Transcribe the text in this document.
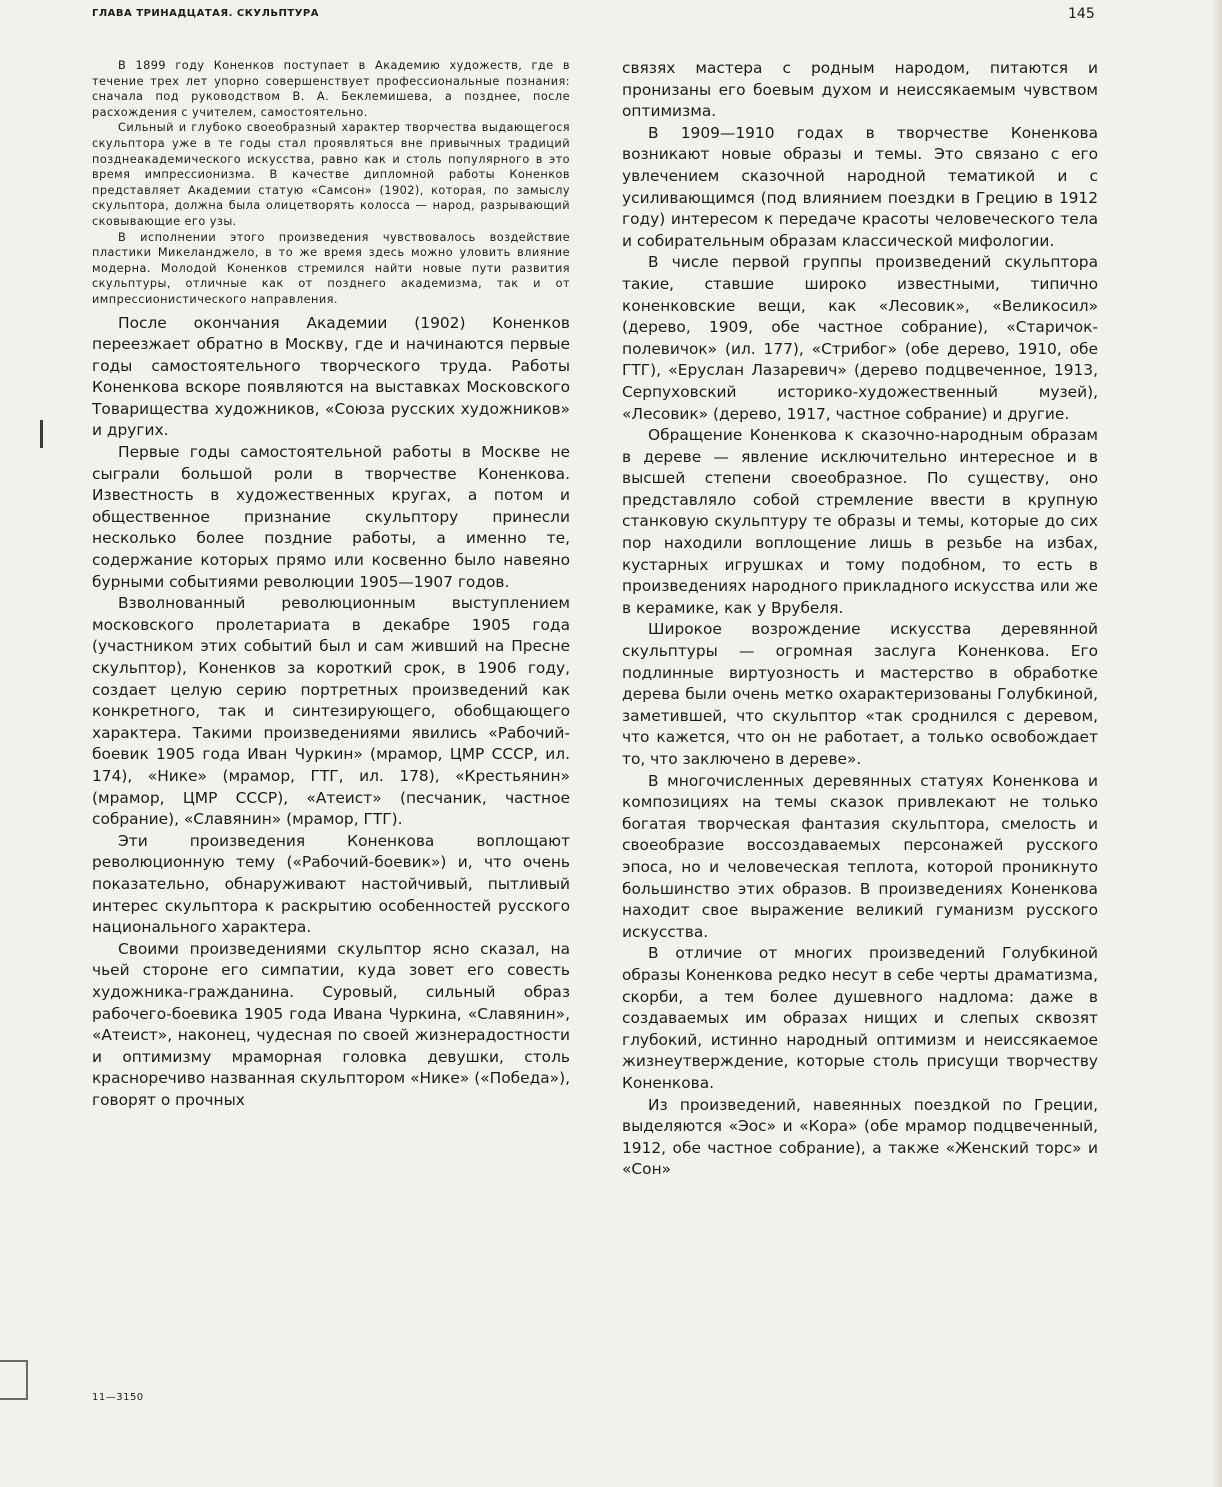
ГЛАВА ТРИНАДЦАТАЯ. СКУЛЬПТУРА	145

В 1899 году Коненков поступает в Академию художеств, где в течение трех лет упорно совершенствует профессиональные познания: сначала под руководством В. А. Беклемишева, а позднее, после расхождения с учителем, самостоятельно.

Сильный и глубоко своеобразный характер творчества выдающегося скульптора уже в те годы стал проявляться вне привычных традиций позднеакадемического искусства, равно как и столь популярного в это время импрессионизма. В качестве дипломной работы Коненков представляет Академии статую «Самсон» (1902), которая, по замыслу скульптора, должна была олицетворять колосса — народ, разрывающий сковывающие его узы.

В исполнении этого произведения чувствовалось воздействие пластики Микеланджело, в то же время здесь можно уловить влияние модерна. Молодой Коненков стремился найти новые пути развития скульптуры, отличные как от позднего академизма, так и от импрессионистического направления.

После окончания Академии (1902) Коненков переезжает обратно в Москву, где и начинаются первые годы самостоятельного творческого труда. Работы Коненкова вскоре появляются на выставках Московского Товарищества художников, «Союза русских художников» и других.

Первые годы самостоятельной работы в Москве не сыграли большой роли в творчестве Коненкова. Известность в художественных кругах, а потом и общественное признание скульптору принесли несколько более поздние работы, а именно те, содержание которых прямо или косвенно было навеяно бурными событиями революции 1905—1907 годов.

Взволнованный революционным выступлением московского пролетариата в декабре 1905 года (участником этих событий был и сам живший на Пресне скульптор), Коненков за короткий срок, в 1906 году, создает целую серию портретных произведений как конкретного, так и синтезирующего, обобщающего характера. Такими произведениями явились «Рабочий-боевик 1905 года Иван Чуркин» (мрамор, ЦМР СССР, ил. 174), «Нике» (мрамор, ГТГ, ил. 178), «Крестьянин» (мрамор, ЦМР СССР), «Атеист» (песчаник, частное собрание), «Славянин» (мрамор, ГТГ).

Эти произведения Коненкова воплощают революционную тему («Рабочий-боевик») и, что очень показательно, обнаруживают настойчивый, пытливый интерес скульптора к раскрытию особенностей русского национального характера.

Своими произведениями скульптор ясно сказал, на чьей стороне его симпатии, куда зовет его совесть художника-гражданина. Суровый, сильный образ рабочего-боевика 1905 года Ивана Чуркина, «Славянин», «Атеист», наконец, чудесная по своей жизнерадостности и оптимизму мраморная головка девушки, столь красноречиво названная скульптором «Нике» («Победа»), говорят о прочных

связях мастера с родным народом, питаются и пронизаны его боевым духом и неиссякаемым чувством оптимизма.

В 1909—1910 годах в творчестве Коненкова возникают новые образы и темы. Это связано с его увлечением сказочной народной тематикой и с усиливающимся (под влиянием поездки в Грецию в 1912 году) интересом к передаче красоты человеческого тела и собирательным образам классической мифологии.

В числе первой группы произведений скульптора такие, ставшие широко известными, типично коненковские вещи, как «Лесовик», «Великосил» (дерево, 1909, обе частное собрание), «Старичок-полевичок» (ил. 177), «Стрибог» (обе дерево, 1910, обе ГТГ), «Еруслан Лазаревич» (дерево подцвеченное, 1913, Серпуховский историко-художественный музей), «Лесовик» (дерево, 1917, частное собрание) и другие.

Обращение Коненкова к сказочно-народным образам в дереве — явление исключительно интересное и в высшей степени своеобразное. По существу, оно представляло собой стремление ввести в крупную станковую скульптуру те образы и темы, которые до сих пор находили воплощение лишь в резьбе на избах, кустарных игрушках и тому подобном, то есть в произведениях народного прикладного искусства или же в керамике, как у Врубеля.

Широкое возрождение искусства деревянной скульптуры — огромная заслуга Коненкова. Его подлинные виртуозность и мастерство в обработке дерева были очень метко охарактеризованы Голубкиной, заметившей, что скульптор «так сроднился с деревом, что кажется, что он не работает, а только освобождает то, что заключено в дереве».

В многочисленных деревянных статуях Коненкова и композициях на темы сказок привлекают не только богатая творческая фантазия скульптора, смелость и своеобразие воссоздаваемых персонажей русского эпоса, но и человеческая теплота, которой проникнуто большинство этих образов. В произведениях Коненкова находит свое выражение великий гуманизм русского искусства.

В отличие от многих произведений Голубкиной образы Коненкова редко несут в себе черты драматизма, скорби, а тем более душевного надлома: даже в создаваемых им образах нищих и слепых сквозят глубокий, истинно народный оптимизм и неиссякаемое жизнеутверждение, которые столь присущи творчеству Коненкова.

Из произведений, навеянных поездкой по Греции, выделяются «Эос» и «Кора» (обе мрамор подцвеченный, 1912, обе частное собрание), а также «Женский торс» и «Сон»

11—3150
